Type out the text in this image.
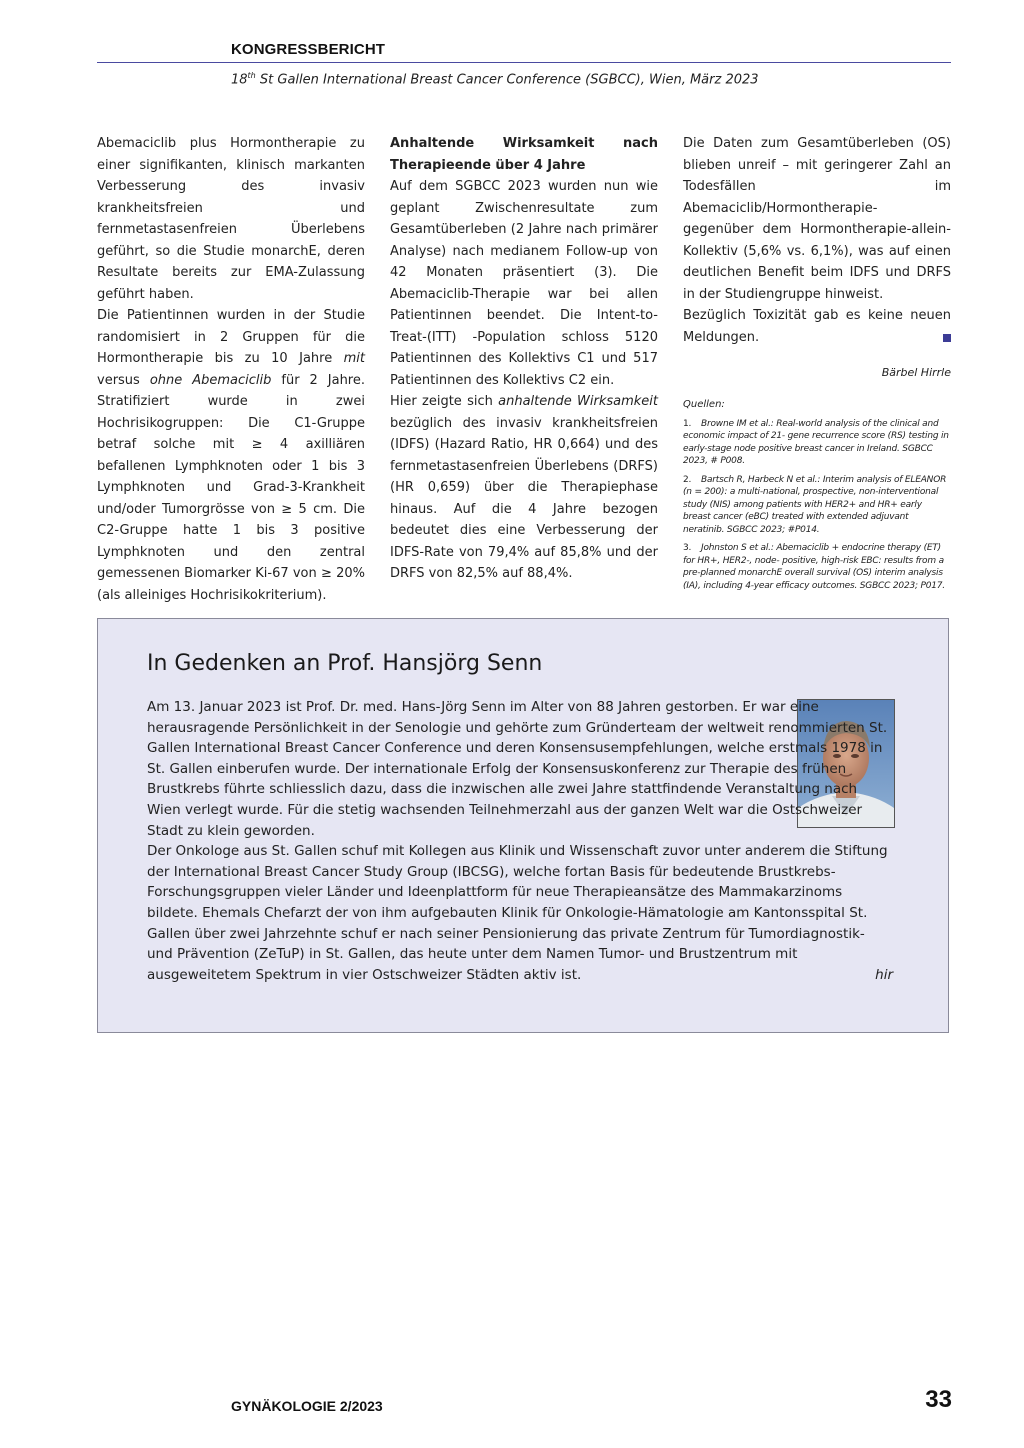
KONGRESSBERICHT
18th St Gallen International Breast Cancer Conference (SGBCC), Wien, März 2023

Abemaciclib plus Hormontherapie zu einer signifikanten, klinisch markanten Verbesserung des invasiv krankheitsfreien und fernmetastasenfreien Überlebens geführt, so die Studie monarchE, deren Resultate bereits zur EMA-Zulassung geführt haben.

Die Patientinnen wurden in der Studie randomisiert in 2 Gruppen für die Hormontherapie bis zu 10 Jahre mit versus ohne Abemaciclib für 2 Jahre. Stratifiziert wurde in zwei Hochrisikogruppen: Die C1-Gruppe betraf solche mit ≥ 4 axilliären befallenen Lymphknoten oder 1 bis 3 Lymphknoten und Grad-3-Krankheit und/oder Tumorgrösse von ≥ 5 cm. Die C2-Gruppe hatte 1 bis 3 positive Lymphknoten und den zentral gemessenen Biomarker Ki-67 von ≥ 20% (als alleiniges Hochrisikokriterium).

Anhaltende Wirksamkeit nach Therapieende über 4 Jahre

Auf dem SGBCC 2023 wurden nun wie geplant Zwischenresultate zum Gesamtüberleben (2 Jahre nach primärer Analyse) nach medianem Follow-up von 42 Monaten präsentiert (3). Die Abemaciclib-Therapie war bei allen Patientinnen beendet. Die Intent-to-Treat-(ITT) -Population schloss 5120 Patientinnen des Kollektivs C1 und 517 Patientinnen des Kollektivs C2 ein.

Hier zeigte sich anhaltende Wirksamkeit bezüglich des invasiv krankheitsfreien (IDFS) (Hazard Ratio, HR 0,664) und des fernmetastasenfreien Überlebens (DRFS) (HR 0,659) über die Therapiephase hinaus. Auf die 4 Jahre bezogen bedeutet dies eine Verbesserung der IDFS-Rate von 79,4% auf 85,8% und der DRFS von 82,5% auf 88,4%.

Die Daten zum Gesamtüberleben (OS) blieben unreif – mit geringerer Zahl an Todesfällen im Abemaciclib/Hormontherapie- gegenüber dem Hormontherapie-allein-Kollektiv (5,6% vs. 6,1%), was auf einen deutlichen Benefit beim IDFS und DRFS in der Studiengruppe hinweist.

Bezüglich Toxizität gab es keine neuen Meldungen.

Bärbel Hirrle

Quellen:

1. Browne IM et al.: Real-world analysis of the clinical and economic impact of 21- gene recurrence score (RS) testing in early-stage node positive breast cancer in Ireland. SGBCC 2023, # P008.

2. Bartsch R, Harbeck N et al.: Interim analysis of ELEANOR (n = 200): a multi-national, prospective, non-interventional study (NIS) among patients with HER2+ and HR+ early breast cancer (eBC) treated with extended adjuvant neratinib. SGBCC 2023; #P014.

3. Johnston S et al.: Abemaciclib + endocrine therapy (ET) for HR+, HER2-, node- positive, high-risk EBC: results from a pre-planned monarchE overall survival (OS) interim analysis (IA), including 4-year efficacy outcomes. SGBCC 2023; P017.

In Gedenken an Prof. Hansjörg Senn

Am 13. Januar 2023 ist Prof. Dr. med. Hans-Jörg Senn im Alter von 88 Jahren gestorben. Er war eine herausragende Persönlichkeit in der Senologie und gehörte zum Gründerteam der weltweit renommierten St. Gallen International Breast Cancer Conference und deren Konsensusempfehlungen, welche erstmals 1978 in St. Gallen einberufen wurde. Der internationale Erfolg der Konsensuskonferenz zur Therapie des frühen Brustkrebs führte schliesslich dazu, dass die inzwischen alle zwei Jahre stattfindende Veranstaltung nach Wien verlegt wurde. Für die stetig wachsenden Teilnehmerzahl aus der ganzen Welt war die Ostschweizer Stadt zu klein geworden.

Der Onkologe aus St. Gallen schuf mit Kollegen aus Klinik und Wissenschaft zuvor unter anderem die Stiftung der International Breast Cancer Study Group (IBCSG), welche fortan Basis für bedeutende Brustkrebs-Forschungsgruppen vieler Länder und Ideenplattform für neue Therapieansätze des Mammakarzinoms bildete. Ehemals Chefarzt der von ihm aufgebauten Klinik für Onkologie-Hämatologie am Kantonsspital St. Gallen über zwei Jahrzehnte schuf er nach seiner Pensionierung das private Zentrum für Tumordiagnostik- und Prävention (ZeTuP) in St. Gallen, das heute unter dem Namen Tumor- und Brustzentrum mit ausgeweitetem Spektrum in vier Ostschweizer Städten aktiv ist.	hir

GYNÄKOLOGIE 2/2023	33
